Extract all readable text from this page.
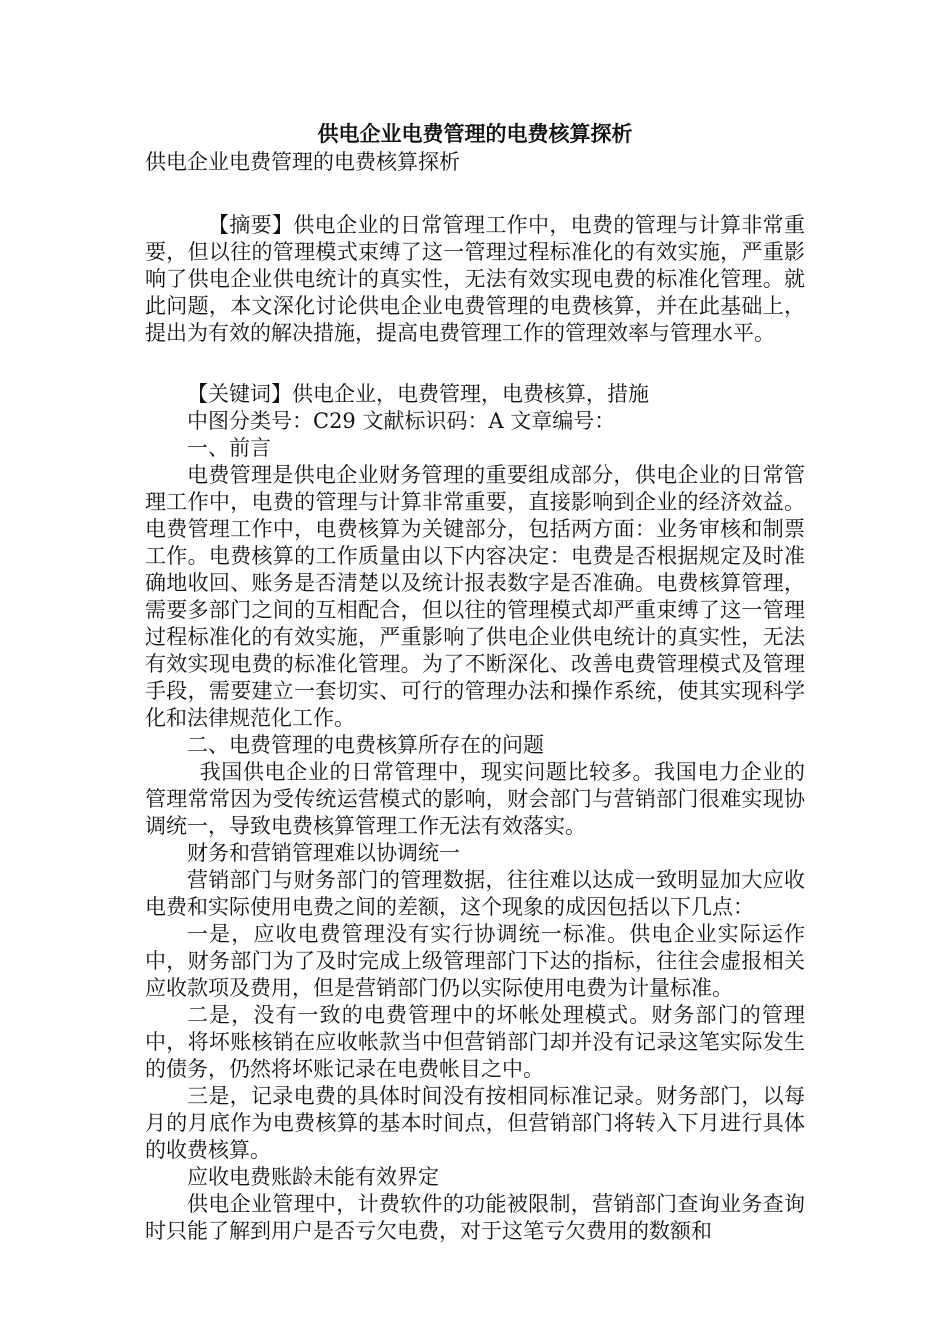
供电企业电费管理的电费核算探析

供电企业电费管理的电费核算探析

【摘要】供电企业的日常管理工作中，电费的管理与计算非常重要，但以往的管理模式束缚了这一管理过程标准化的有效实施，严重影响了供电企业供电统计的真实性，无法有效实现电费的标准化管理。就此问题，本文深化讨论供电企业电费管理的电费核算，并在此基础上，提出为有效的解决措施，提高电费管理工作的管理效率与管理水平。

【关键词】供电企业，电费管理，电费核算，措施

中图分类号：C29 文献标识码：A 文章编号：

一、前言

电费管理是供电企业财务管理的重要组成部分，供电企业的日常管理工作中，电费的管理与计算非常重要，直接影响到企业的经济效益。电费管理工作中，电费核算为关键部分，包括两方面：业务审核和制票工作。电费核算的工作质量由以下内容决定：电费是否根据规定及时准确地收回、账务是否清楚以及统计报表数字是否准确。电费核算管理，需要多部门之间的互相配合，但以往的管理模式却严重束缚了这一管理过程标准化的有效实施，严重影响了供电企业供电统计的真实性，无法有效实现电费的标准化管理。为了不断深化、改善电费管理模式及管理手段，需要建立一套切实、可行的管理办法和操作系统，使其实现科学化和法律规范化工作。

二、电费管理的电费核算所存在的问题

我国供电企业的日常管理中，现实问题比较多。我国电力企业的管理常常因为受传统运营模式的影响，财会部门与营销部门很难实现协调统一，导致电费核算管理工作无法有效落实。

财务和营销管理难以协调统一

营销部门与财务部门的管理数据，往往难以达成一致明显加大应收电费和实际使用电费之间的差额，这个现象的成因包括以下几点：

一是，应收电费管理没有实行协调统一标准。供电企业实际运作中，财务部门为了及时完成上级管理部门下达的指标，往往会虚报相关应收款项及费用，但是营销部门仍以实际使用电费为计量标准。

二是，没有一致的电费管理中的坏帐处理模式。财务部门的管理中，将坏账核销在应收帐款当中但营销部门却并没有记录这笔实际发生的债务，仍然将坏账记录在电费帐目之中。

三是，记录电费的具体时间没有按相同标准记录。财务部门，以每月的月底作为电费核算的基本时间点，但营销部门将转入下月进行具体的收费核算。

应收电费账龄未能有效界定

供电企业管理中，计费软件的功能被限制，营销部门查询业务查询时只能了解到用户是否亏欠电费，对于这笔亏欠费用的数额和
